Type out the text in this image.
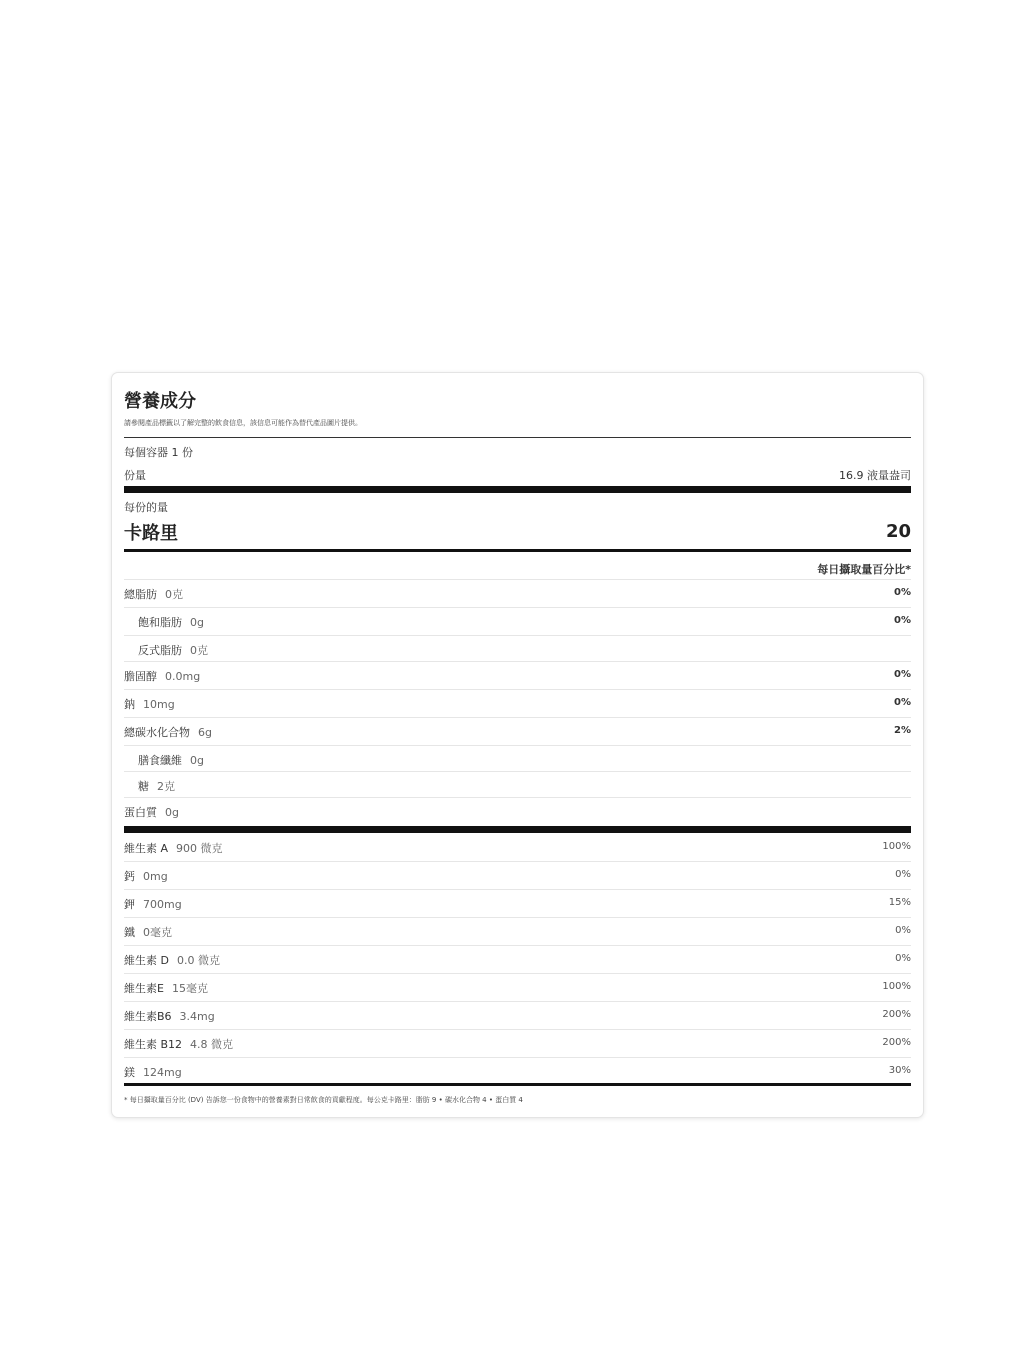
營養成分
請參閱產品標籤以了解完整的飲食信息，該信息可能作為替代產品圖片提供。
每個容器 1 份
份量	16.9 液量盎司
每份的量
卡路里	20
每日攝取量百分比*
總脂肪 0克	0%
飽和脂肪 0g	0%
反式脂肪 0克
膽固醇 0.0mg	0%
鈉 10mg	0%
總碳水化合物 6g	2%
膳食纖維 0g
糖 2克
蛋白質 0g
維生素 A 900 微克	100%
鈣 0mg	0%
鉀 700mg	15%
鐵 0毫克	0%
維生素 D 0.0 微克	0%
維生素E 15毫克	100%
維生素B6 3.4mg	200%
維生素 B12 4.8 微克	200%
鎂 124mg	30%
* 每日攝取量百分比 (DV) 告訴您一份食物中的營養素對日常飲食的貢獻程度。每公克卡路里：脂肪 9 • 碳水化合物 4 • 蛋白質 4
